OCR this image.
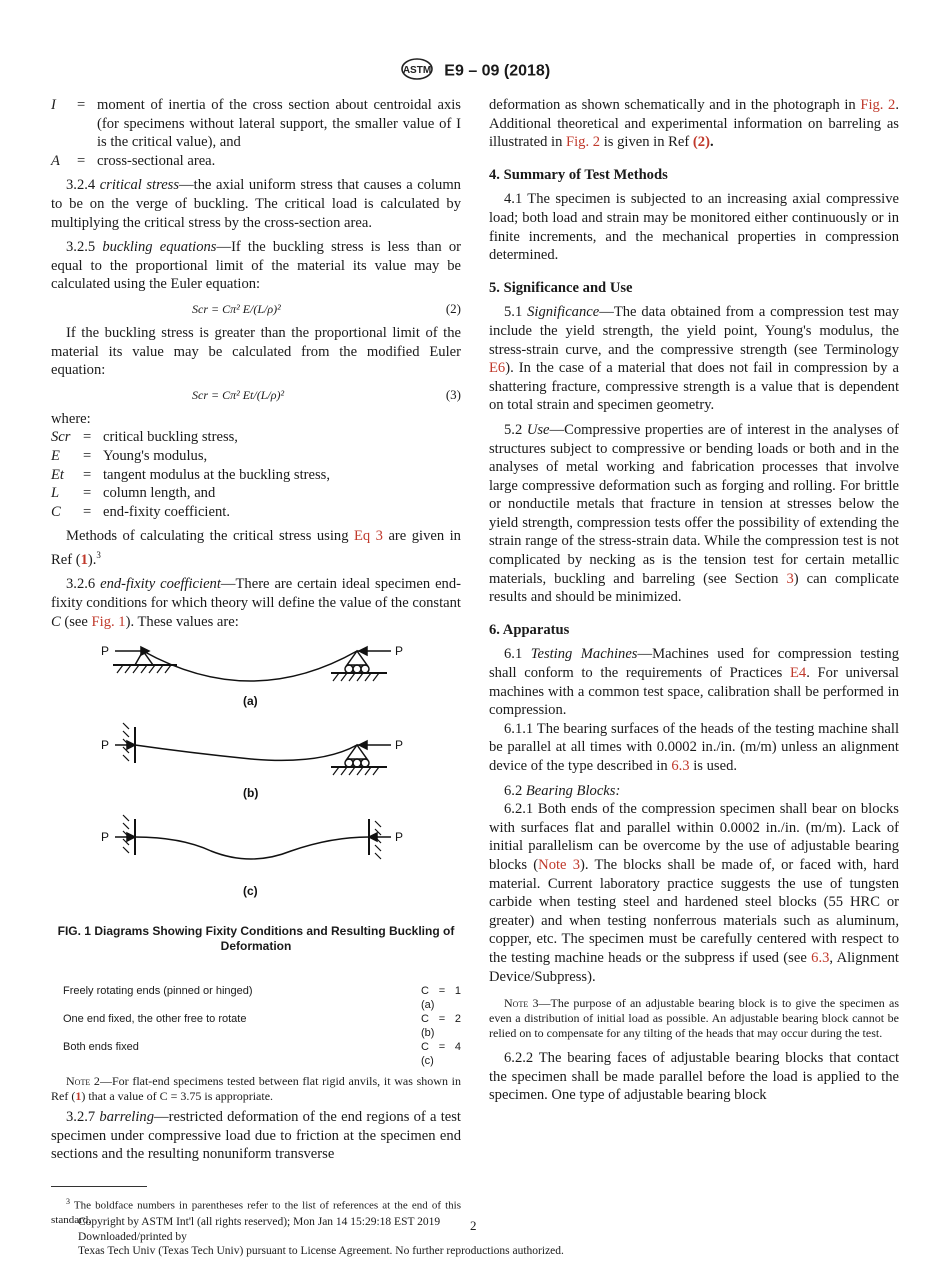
ASTM E9 – 09 (2018)
I	= moment of inertia of the cross section about centroidal axis (for specimens without lateral support, the smaller value of I is the critical value), and
A	= cross-sectional area.

3.2.4 critical stress—the axial uniform stress that causes a column to be on the verge of buckling. The critical load is calculated by multiplying the critical stress by the cross-section area.

3.2.5 buckling equations—If the buckling stress is less than or equal to the proportional limit of the material its value may be calculated using the Euler equation:

Scr = Cπ² E/(L/ρ)²	(2)

If the buckling stress is greater than the proportional limit of the material its value may be calculated from the modified Euler equation:

Scr = Cπ² Et/(L/ρ)²	(3)

where:

Scr = critical buckling stress,
E	= Young's modulus,
Et	= tangent modulus at the buckling stress,
L	= column length, and
C	= end-fixity coefficient.

Methods of calculating the critical stress using Eq 3 are given in Ref (1).$^3$

3.2.6 end-fixity coefficient—There are certain ideal specimen end-fixity conditions for which theory will define the value of the constant C (see Fig. 1). These values are:

P	P
P	P
P	P
(a)
(b)
(c)

FIG. 1 Diagrams Showing Fixity Conditions and Resulting Buckling of Deformation

Freely rotating ends (pinned or hinged)	C = 1 (a)
One end fixed, the other free to rotate	C = 2 (b)
Both ends fixed	C = 4 (c)

Note 2—For flat-end specimens tested between flat rigid anvils, it was shown in Ref (1) that a value of C = 3.75 is appropriate.

3.2.7 barreling—restricted deformation of the end regions of a test specimen under compressive load due to friction at the specimen end sections and the resulting nonuniform transverse

$^3$ The boldface numbers in parentheses refer to the list of references at the end of this standard.

deformation as shown schematically and in the photograph in Fig. 2. Additional theoretical and experimental information on barreling as illustrated in Fig. 2 is given in Ref (2).

4. Summary of Test Methods

4.1 The specimen is subjected to an increasing axial compressive load; both load and strain may be monitored either continuously or in finite increments, and the mechanical properties in compression determined.

5. Significance and Use

5.1 Significance—The data obtained from a compression test may include the yield strength, the yield point, Young's modulus, the stress-strain curve, and the compressive strength (see Terminology E6). In the case of a material that does not fail in compression by a shattering fracture, compressive strength is a value that is dependent on total strain and specimen geometry.

5.2 Use—Compressive properties are of interest in the analyses of structures subject to compressive or bending loads or both and in the analyses of metal working and fabrication processes that involve large compressive deformation such as forging and rolling. For brittle or nonductile metals that fracture in tension at stresses below the yield strength, compression tests offer the possibility of extending the strain range of the stress-strain data. While the compression test is not complicated by necking as is the tension test for certain metallic materials, buckling and barreling (see Section 3) can complicate results and should be minimized.

6. Apparatus

6.1 Testing Machines—Machines used for compression testing shall conform to the requirements of Practices E4. For universal machines with a common test space, calibration shall be performed in compression.

6.1.1 The bearing surfaces of the heads of the testing machine shall be parallel at all times with 0.0002 in./in. (m/m) unless an alignment device of the type described in 6.3 is used.

6.2 Bearing Blocks:

6.2.1 Both ends of the compression specimen shall bear on blocks with surfaces flat and parallel within 0.0002 in./in. (m/m). Lack of initial parallelism can be overcome by the use of adjustable bearing blocks (Note 3). The blocks shall be made of, or faced with, hard material. Current laboratory practice suggests the use of tungsten carbide when testing steel and hardened steel blocks (55 HRC or greater) and when testing nonferrous materials such as aluminum, copper, etc. The specimen must be carefully centered with respect to the testing machine heads or the subpress if used (see 6.3, Alignment Device/Subpress).

Note 3—The purpose of an adjustable bearing block is to give the specimen as even a distribution of initial load as possible. An adjustable bearing block cannot be relied on to compensate for any tilting of the heads that may occur during the test.

6.2.2 The bearing faces of adjustable bearing blocks that contact the specimen shall be made parallel before the load is applied to the specimen. One type of adjustable bearing block

Copyright by ASTM Int'l (all rights reserved); Mon Jan 14 15:29:18 EST 2019
Downloaded/printed by
Texas Tech Univ (Texas Tech Univ) pursuant to License Agreement. No further reproductions authorized.
2
